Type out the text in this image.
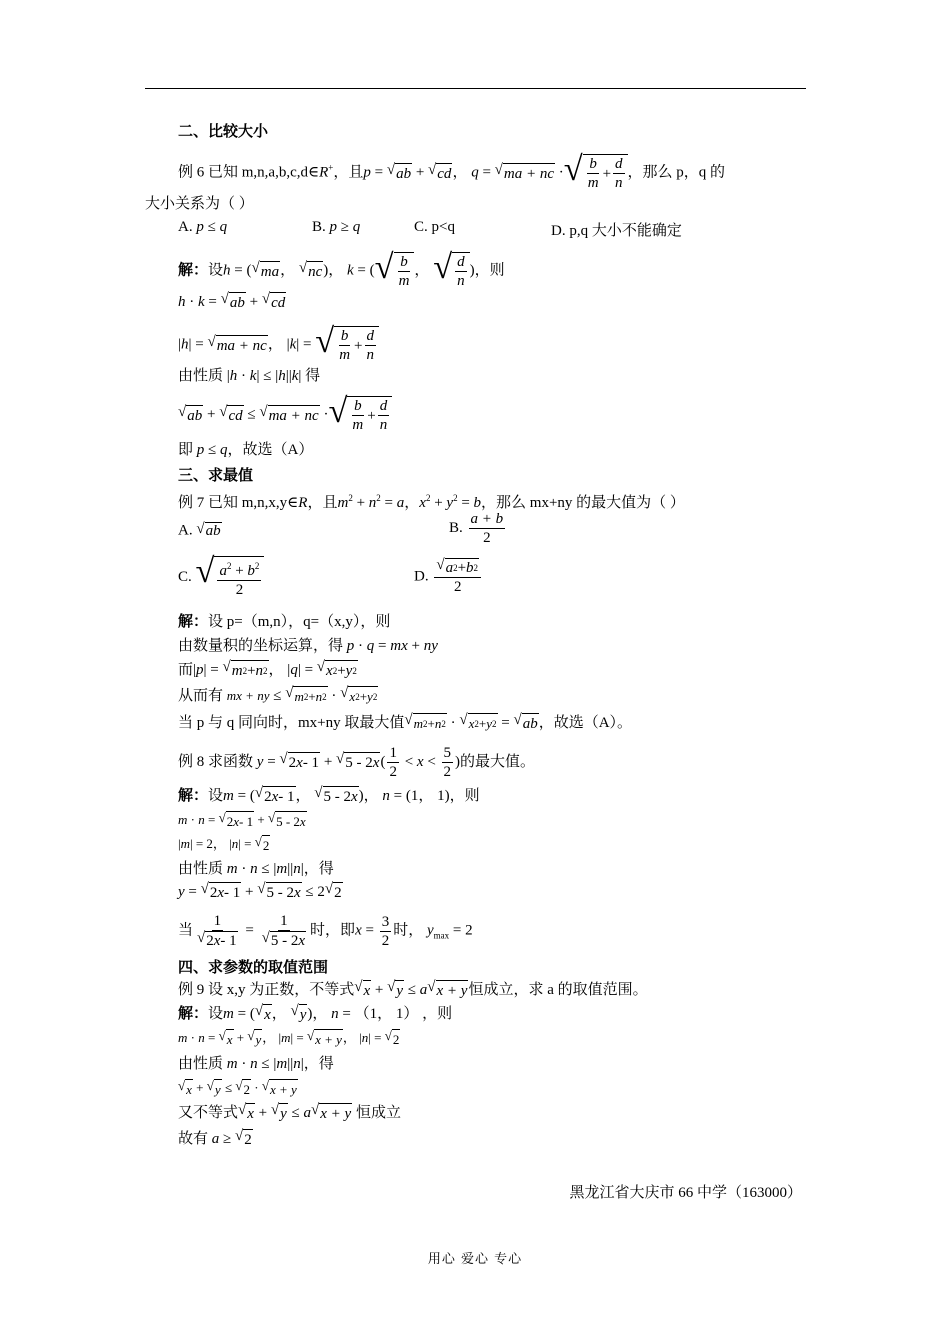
二、比较大小
例 6 已知 m,n,a,b,c,d∈R+，且p = √ ab + √ cd ， q = √ ma + nc · √ b
m
+
d
n
，那么 p，q 的
大小关系为（ ）
A. p ≤ q	B. p ≥ q	C. p<q	D. p,q 大小不能确定
解：设h = ( √ ma ， √ nc )， k = ( √ b
m
， √ d
n
)，则
h · k = √ ab + √ cd
|h| = √ ma + nc ， |k| = √ b
m
+
d
n
由性质 |h · k| ≤ |h||k| 得
√ ab + √ cd ≤ √ ma + nc · √ b
m
+
d
n
即 p ≤ q，故选（A）
三、求最值
例 7 已知 m,n,x,y∈R，且$m^2 + n^2 = a$，$x^2 + y^2 = b$，那么 mx+ny 的最大值为（ ）
A. √ ab	B. $\frac{a + b}{2}$
C. √ $a^2 + b^2$
2
D. $\frac{√ a 2 + b 2}{2}$
解：设 p=（m,n），q=（x,y），则
由数量积的坐标运算，得 p · q = mx + ny
而|p| = √ m 2 + n 2 ， |q| = √ x 2 + y 2
从而有 mx + ny ≤ √ m 2 + n 2 · √ x 2 + y 2
当 p 与 q 同向时，mx+ny 取最大值 √ m 2 + n 2 · √ x 2 + y 2 = √ ab ，故选（A）。
例 8 求函数 y = √ 2 x - 1 + √ 5 - 2 x ( $\frac{1}{2} < x < \frac{5}{2}$ )的最大值。
解：设m = ( √ 2 x - 1 ， √ 5 - 2 x )， n = (1， 1)，则
m · n = √ 2 x - 1 + √ 5 - 2 x
|m| = 2， |n| = √ 2
由性质 m · n ≤ |m||n|，得
y = √ 2 x - 1 + √ 5 - 2 x ≤ 2 √ 2
当 $\frac{1}{√ 2 x - 1} = \frac{1}{√ 5 - 2 x}$ 时，即$x = \frac{3}{2}$ 时， $y_{max} = 2$
四、求参数的取值范围
例 9 设 x,y 为正数，不等式 √ x + √ y ≤ a √ x + y 恒成立，求 a 的取值范围。
解：设m = ( √ x ， √ y )， n = （1， 1） ，则
m · n = √ x + √ y ， |m| = √ x + y ， |n| = √ 2
由性质 m · n ≤ |m||n|，得
√ x + √ y ≤ √ 2 · √ x + y
又不等式 √ x + √ y ≤ a √ x + y 恒成立
故有 a ≥ √ 2
黑龙江省大庆市 66 中学（163000）
用心 爱心 专心
